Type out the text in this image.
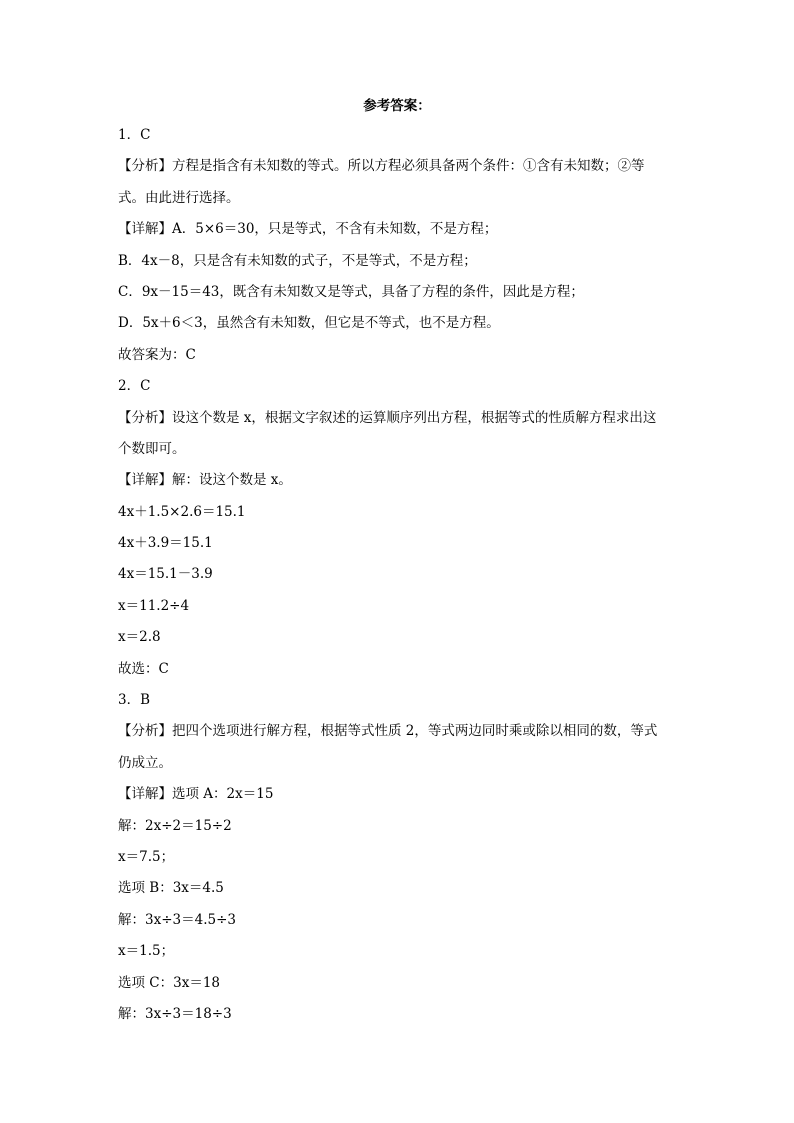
参考答案：
1．C
【分析】方程是指含有未知数的等式。所以方程必须具备两个条件：①含有未知数；②等
式。由此进行选择。
【详解】A．5×6＝30，只是等式，不含有未知数，不是方程；
B．4x－8，只是含有未知数的式子，不是等式，不是方程；
C．9x－15＝43，既含有未知数又是等式，具备了方程的条件，因此是方程；
D．5x＋6＜3，虽然含有未知数，但它是不等式，也不是方程。
故答案为：C
2．C
【分析】设这个数是 x，根据文字叙述的运算顺序列出方程，根据等式的性质解方程求出这
个数即可。
【详解】解：设这个数是 x。
4x＋1.5×2.6＝15.1
4x＋3.9＝15.1
4x＝15.1－3.9
x＝11.2÷4
x＝2.8
故选：C
3．B
【分析】把四个选项进行解方程，根据等式性质 2，等式两边同时乘或除以相同的数，等式
仍成立。
【详解】选项 A：2x＝15
解：2x÷2＝15÷2
x＝7.5；
选项 B：3x＝4.5
解：3x÷3＝4.5÷3
x＝1.5；
选项 C：3x＝18
解：3x÷3＝18÷3
